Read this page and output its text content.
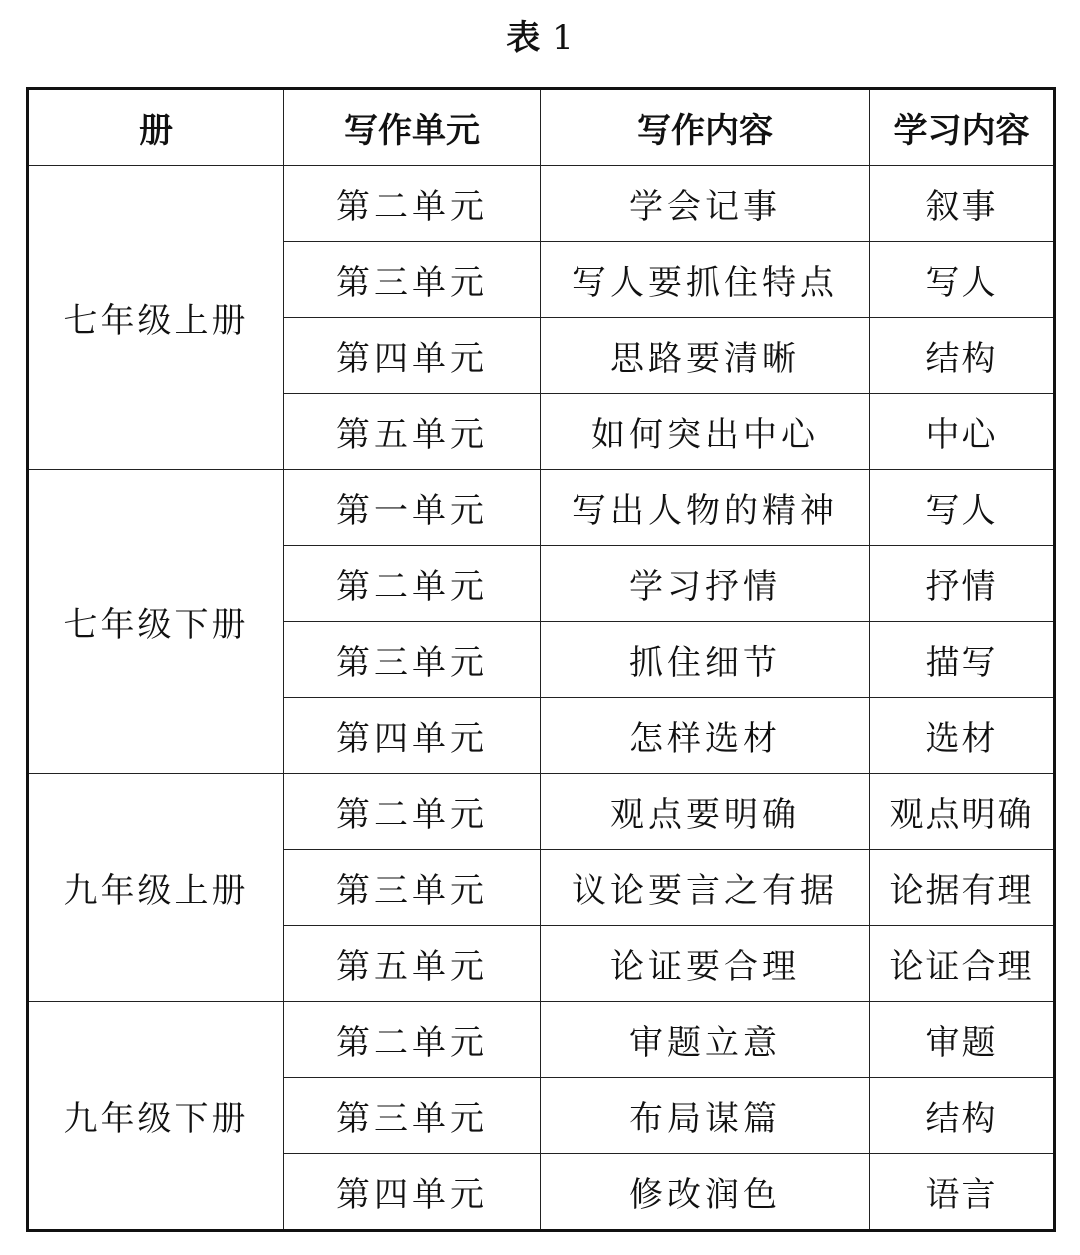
表 1
册	写作单元	写作内容	学习内容
七年级上册	第二单元	学会记事	叙事
	第三单元	写人要抓住特点	写人
	第四单元	思路要清晰	结构
	第五单元	如何突出中心	中心
七年级下册	第一单元	写出人物的精神	写人
	第二单元	学习抒情	抒情
	第三单元	抓住细节	描写
	第四单元	怎样选材	选材
九年级上册	第二单元	观点要明确	观点明确
	第三单元	议论要言之有据	论据有理
	第五单元	论证要合理	论证合理
九年级下册	第二单元	审题立意	审题
	第三单元	布局谋篇	结构
	第四单元	修改润色	语言
